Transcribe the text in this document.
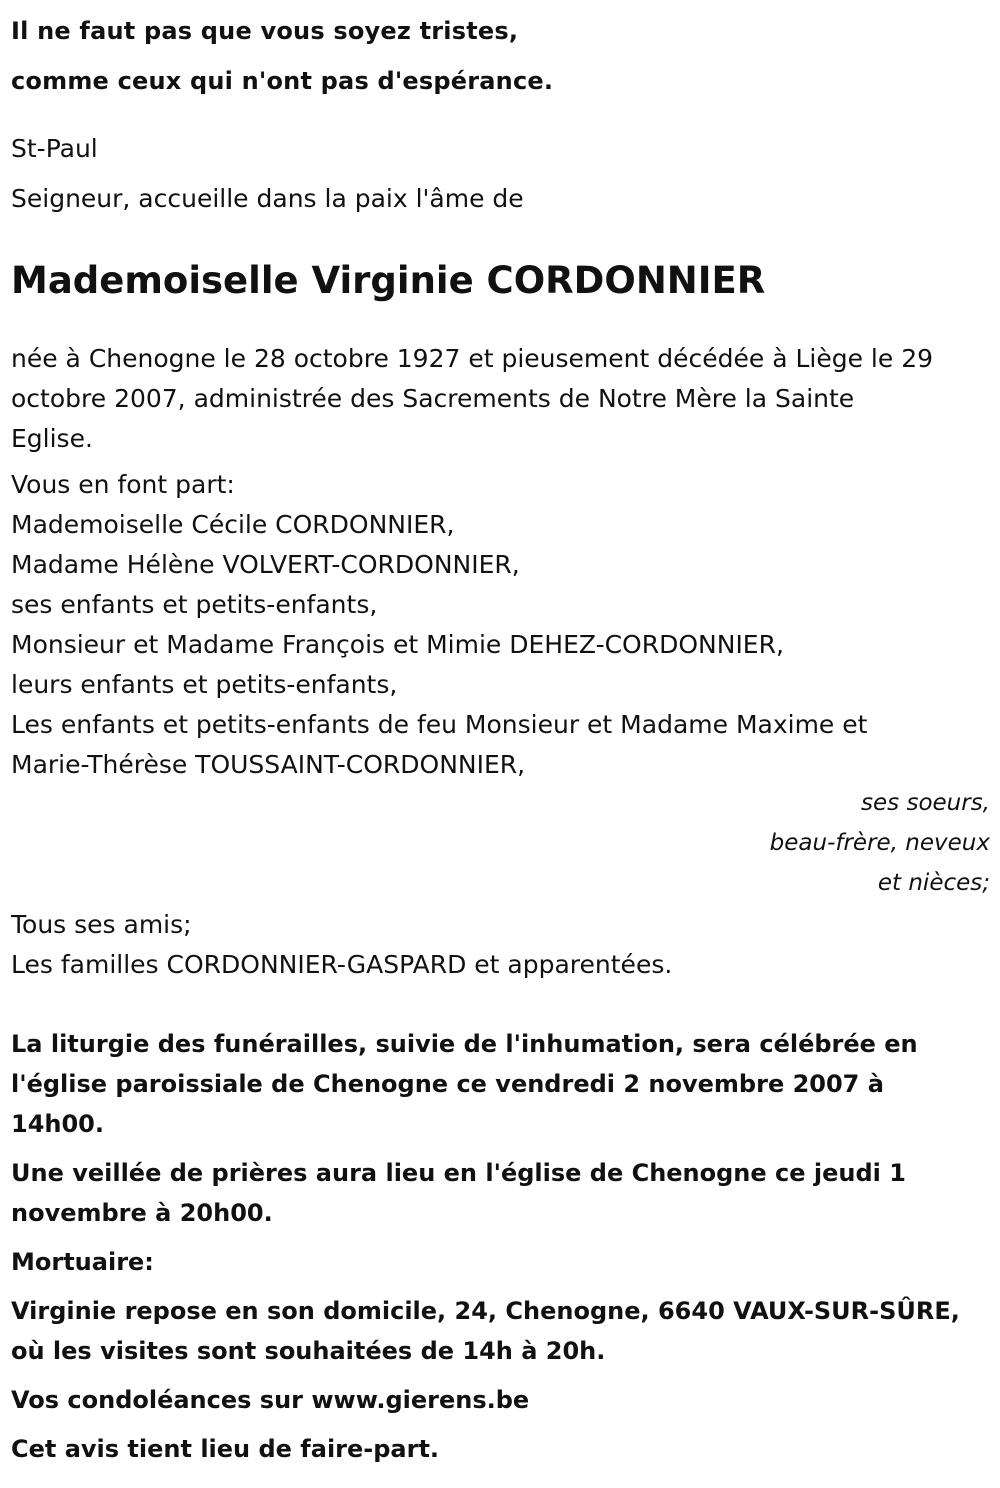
Il ne faut pas que vous soyez tristes,
comme ceux qui n'ont pas d'espérance.
St-Paul
Seigneur, accueille dans la paix l'âme de
Mademoiselle Virginie CORDONNIER
née à Chenogne le 28 octobre 1927 et pieusement décédée à Liège le 29
octobre 2007, administrée des Sacrements de Notre Mère la Sainte
Eglise.
Vous en font part:
Mademoiselle Cécile CORDONNIER,
Madame Hélène VOLVERT-CORDONNIER,
ses enfants et petits-enfants,
Monsieur et Madame François et Mimie DEHEZ-CORDONNIER,
leurs enfants et petits-enfants,
Les enfants et petits-enfants de feu Monsieur et Madame Maxime et
Marie-Thérèse TOUSSAINT-CORDONNIER,
ses soeurs,
beau-frère, neveux
et nièces;
Tous ses amis;
Les familles CORDONNIER-GASPARD et apparentées.
La liturgie des funérailles, suivie de l'inhumation, sera célébrée en
l'église paroissiale de Chenogne ce vendredi 2 novembre 2007 à
14h00.
Une veillée de prières aura lieu en l'église de Chenogne ce jeudi 1
novembre à 20h00.
Mortuaire:
Virginie repose en son domicile, 24, Chenogne, 6640 VAUX-SUR-SÛRE,
où les visites sont souhaitées de 14h à 20h.
Vos condoléances sur www.gierens.be
Cet avis tient lieu de faire-part.
